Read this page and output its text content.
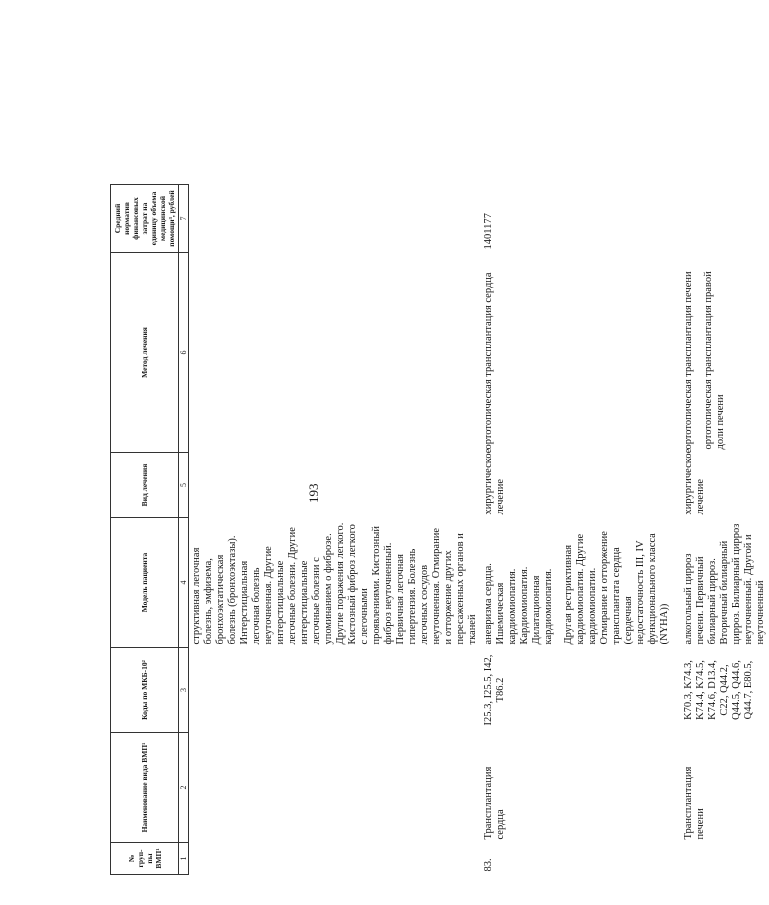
193
№ груп-пы ВМП¹	Наименование вида ВМП¹	Коды по МКБ-10²	Модель пациента	Вид лечения	Метод лечения	Средний норматив финансовых затрат на единицу объема медицинской помощи³, рублей
1	2	3	4	5	6	7
			структивная легочная болезнь, эмфизема, бронхоэктатическая болезнь (бронхоэктазы). Интерстициальная легочная болезнь неуточненная. Другие интерстициальные легочные болезни. Другие интерстициальные легочные болезни с упоминанием о фиброзе. Другие поражения легкого. Кистозный фиброз легкого с легочными проявлениями. Кистозный фиброз неуточненный. Первичная легочная гипертензия. Болезнь легочных сосудов неуточненная. Отмирание и отторжение других пересаженных органов и тканей			
83.	Трансплантация сердца	I25.3, I25.5, I42, T86.2	аневризма сердца. Ишемическая кардиомиопатия. Кардиомиопатия. Дилатационная кардиомиопатия. Другая рестриктивная кардиомиопатия. Другие кардиомиопатии. Отмирание и отторжение трансплантата сердца (сердечная недостаточность III, IV функционального класса (NYHA))	хирургическое лечение	ортотопическая трансплантация сердца	1401177
	Трансплантация печени	K70.3, K74.3, K74.4, K74.5, K74.6, D13.4, C22, Q44.2, Q44.5, Q44.6, Q44.7, E80.5,	алкогольный цирроз печени. Первичный билиарный цирроз. Вторичный билиарный цирроз. Билиарный цирроз неуточненный. Другой и неуточненный	хирургическое лечение	ортотопическая трансплантация печени ортотопическая трансплантация правой доли печени	
